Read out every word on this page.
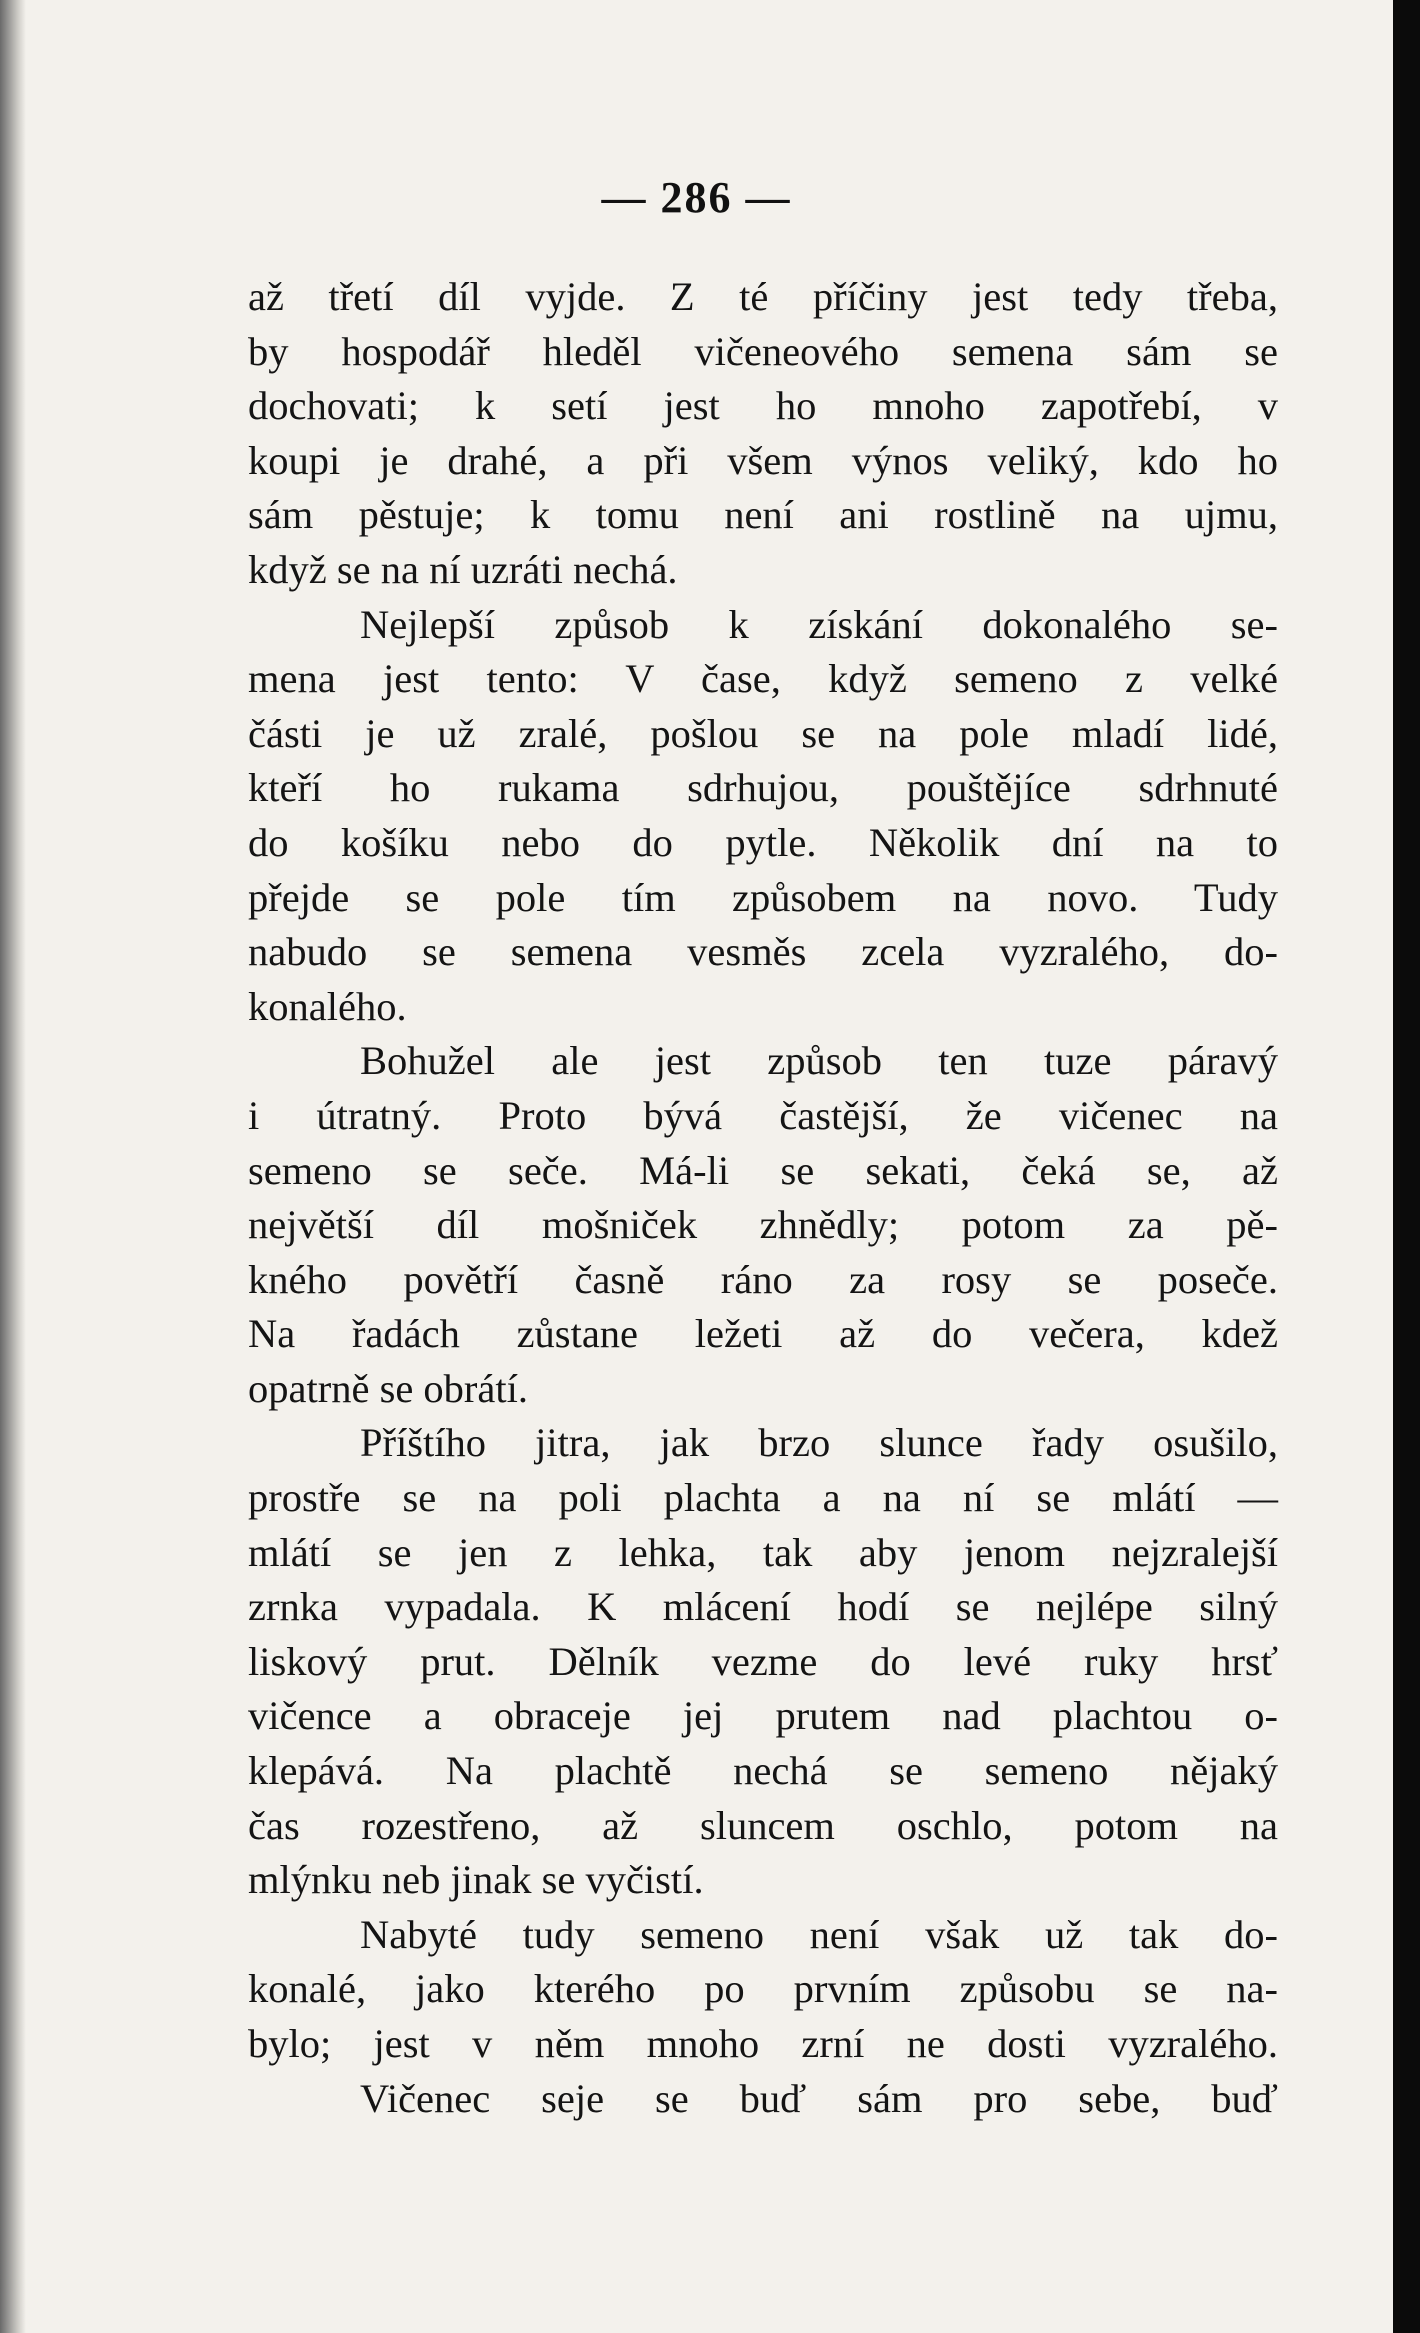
— 286 —
až třetí díl vyjde. Z té příčiny jest tedy třeba,
by hospodář hleděl vičeneového semena sám se
dochovati; k setí jest ho mnoho zapotřebí, v
koupi je drahé, a při všem výnos veliký, kdo ho
sám pěstuje; k tomu není ani rostlině na ujmu,
když se na ní uzráti nechá.
Nejlepší způsob k získání dokonalého se-
mena jest tento: V čase, když semeno z velké
části je už zralé, pošlou se na pole mladí lidé,
kteří ho rukama sdrhujou, pouštějíce sdrhnuté
do košíku nebo do pytle. Několik dní na to
přejde se pole tím způsobem na novo. Tudy
nabudo se semena vesměs zcela vyzralého, do-
konalého.
Bohužel ale jest způsob ten tuze páravý
i útratný. Proto bývá častější, že vičenec na
semeno se seče. Má-li se sekati, čeká se, až
největší díl mošniček zhnědly; potom za pě-
kného povětří časně ráno za rosy se poseče.
Na řadách zůstane ležeti až do večera, kdež
opatrně se obrátí.
Příštího jitra, jak brzo slunce řady osušilo,
prostře se na poli plachta a na ní se mlátí —
mlátí se jen z lehka, tak aby jenom nejzralejší
zrnka vypadala. K mlácení hodí se nejlépe silný
liskový prut. Dělník vezme do levé ruky hrsť
vičence a obraceje jej prutem nad plachtou o-
klepává. Na plachtě nechá se semeno nějaký
čas rozestřeno, až sluncem oschlo, potom na
mlýnku neb jinak se vyčistí.
Nabyté tudy semeno není však už tak do-
konalé, jako kterého po prvním způsobu se na-
bylo; jest v něm mnoho zrní ne dosti vyzralého.
Vičenec seje se buď sám pro sebe, buď
